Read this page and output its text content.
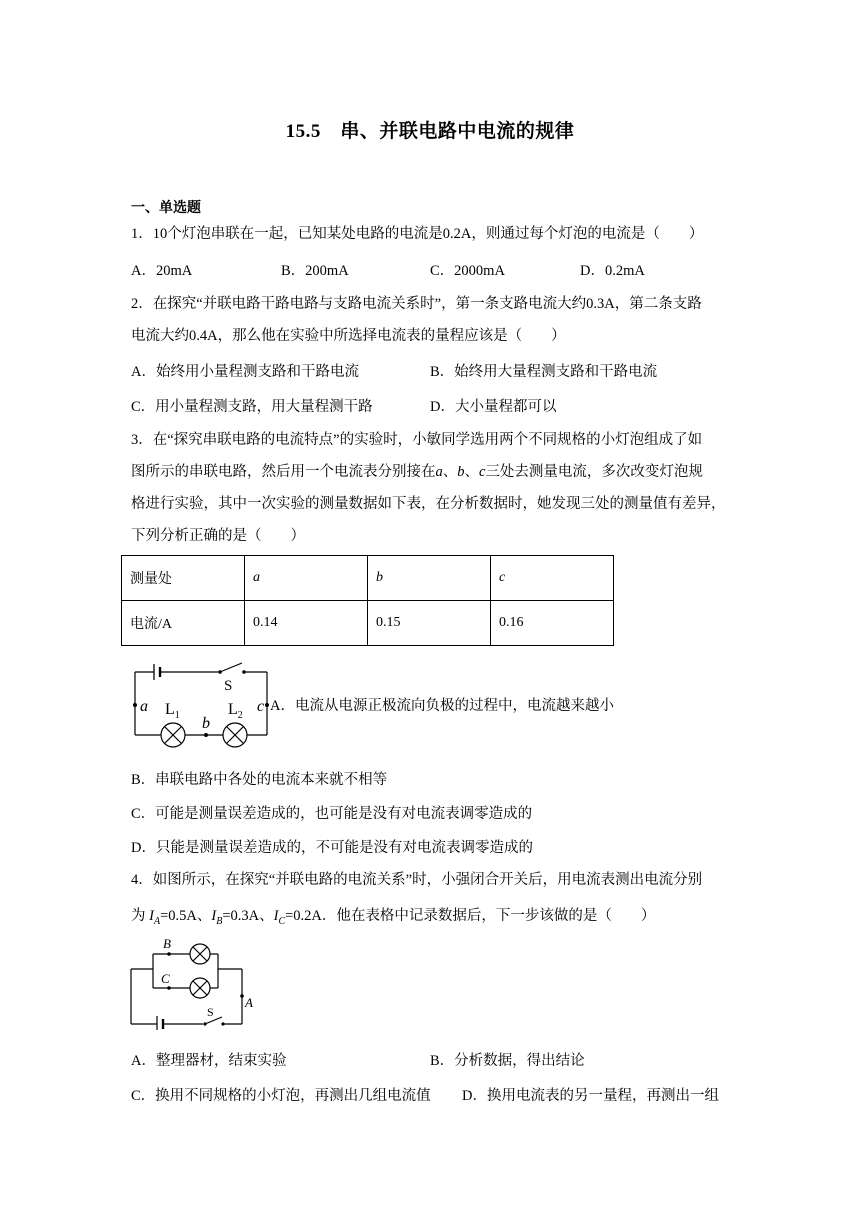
15.5　串、并联电路中电流的规律
一、单选题
1．10个灯泡串联在一起，已知某处电路的电流是0.2A，则通过每个灯泡的电流是（　　）
A．20mA	B．200mA	C．2000mA	D．0.2mA
2．在探究“并联电路干路电路与支路电流关系时”，第一条支路电流大约0.3A，第二条支路
电流大约0.4A，那么他在实验中所选择电流表的量程应该是（　　）
A．始终用小量程测支路和干路电流	B．始终用大量程测支路和干路电流
C．用小量程测支路，用大量程测干路	D．大小量程都可以
3．在“探究串联电路的电流特点”的实验时，小敏同学选用两个不同规格的小灯泡组成了如
图所示的串联电路，然后用一个电流表分别接在a、b、c三处去测量电流，多次改变灯泡规
格进行实验，其中一次实验的测量数据如下表，在分析数据时，她发现三处的测量值有差异，
下列分析正确的是（　　）
测量处	a	b	c
电流/A	0.14	0.15	0.16
S
a
b
c
$L_1$	$L_2$
A．电流从电源正极流向负极的过程中，电流越来越小
B．串联电路中各处的电流本来就不相等
C．可能是测量误差造成的，也可能是没有对电流表调零造成的
D．只能是测量误差造成的，不可能是没有对电流表调零造成的
4．如图所示，在探究“并联电路的电流关系”时，小强闭合开关后，用电流表测出电流分别
为 $I_A=0.5A$、$I_B=0.3A$、$I_C=0.2A$．他在表格中记录数据后，下一步该做的是（　　）
B
C
A
S
A．整理器材，结束实验	B．分析数据，得出结论
C．换用不同规格的小灯泡，再测出几组电流值 D．换用电流表的另一量程，再测出一组
